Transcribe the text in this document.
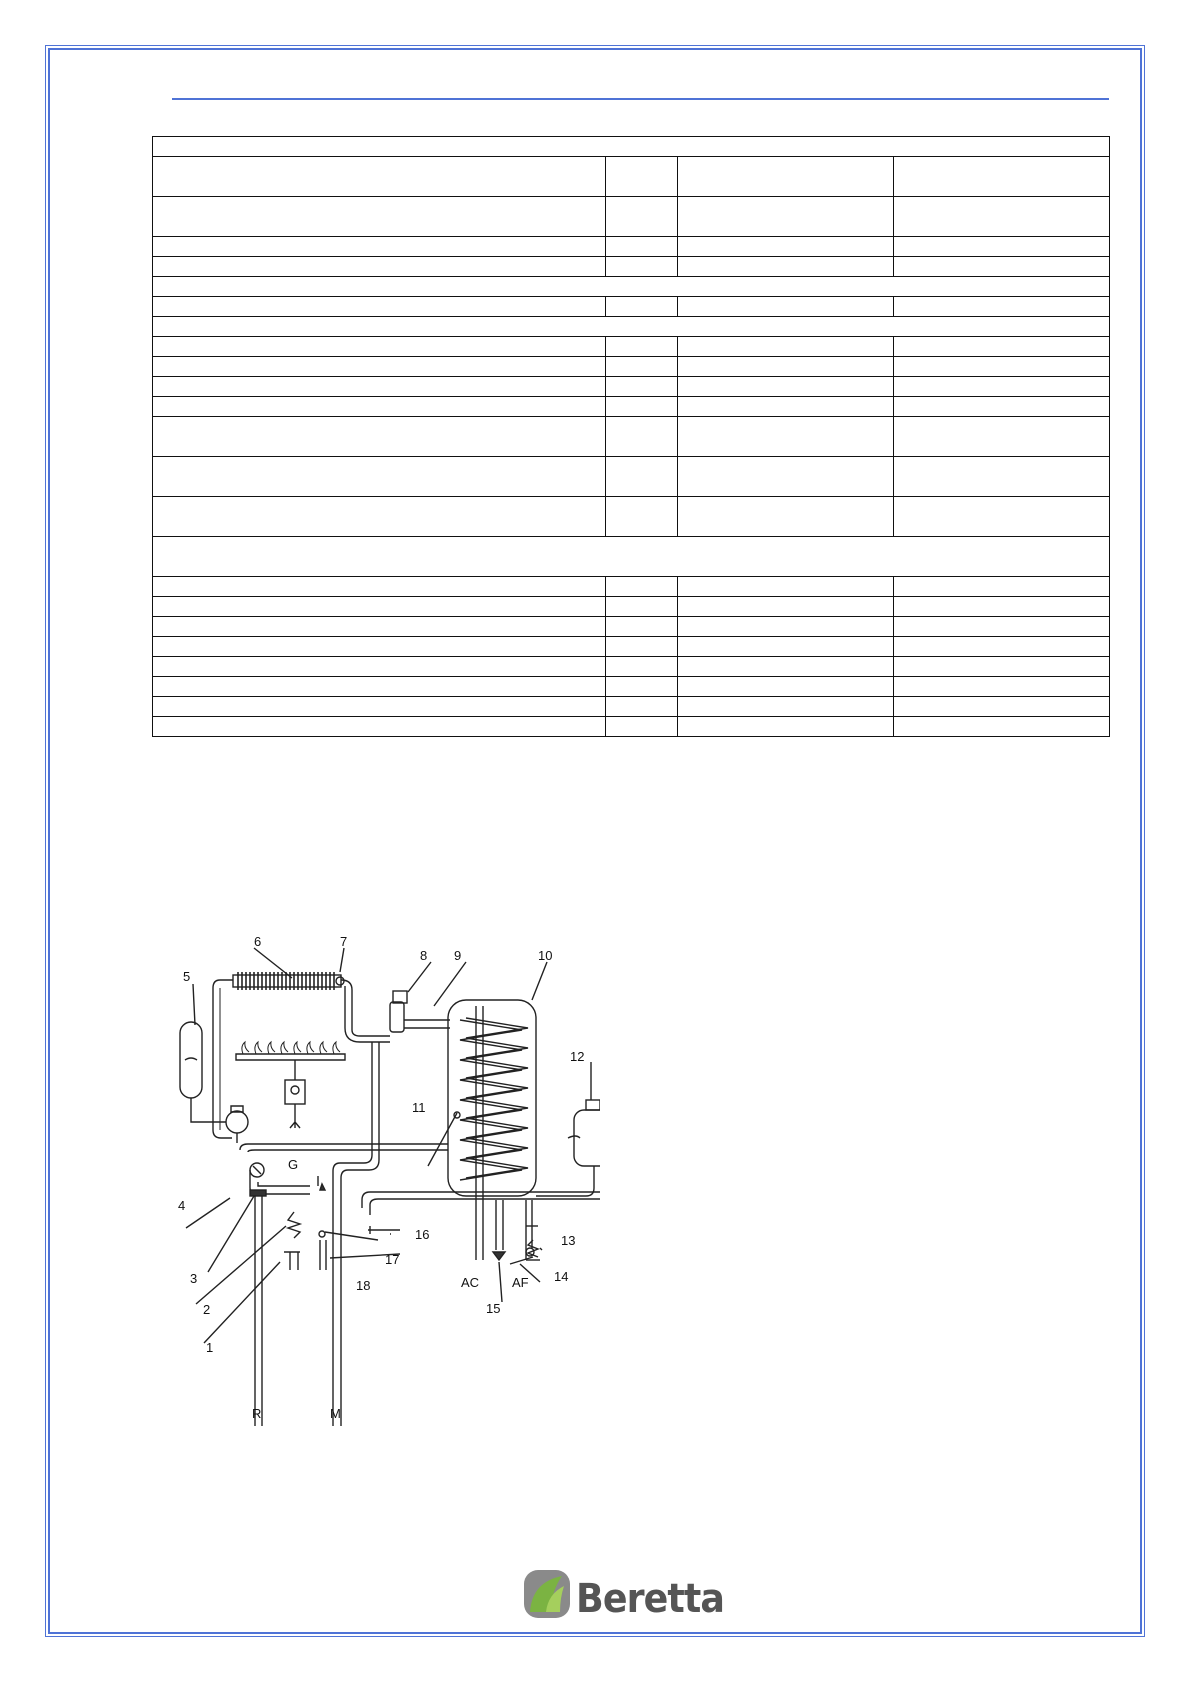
6	7
8 9	10
5
12
11
G
4
16	13
17
3	14
AC	AF
18
2	15
1
R	M
Beretta
